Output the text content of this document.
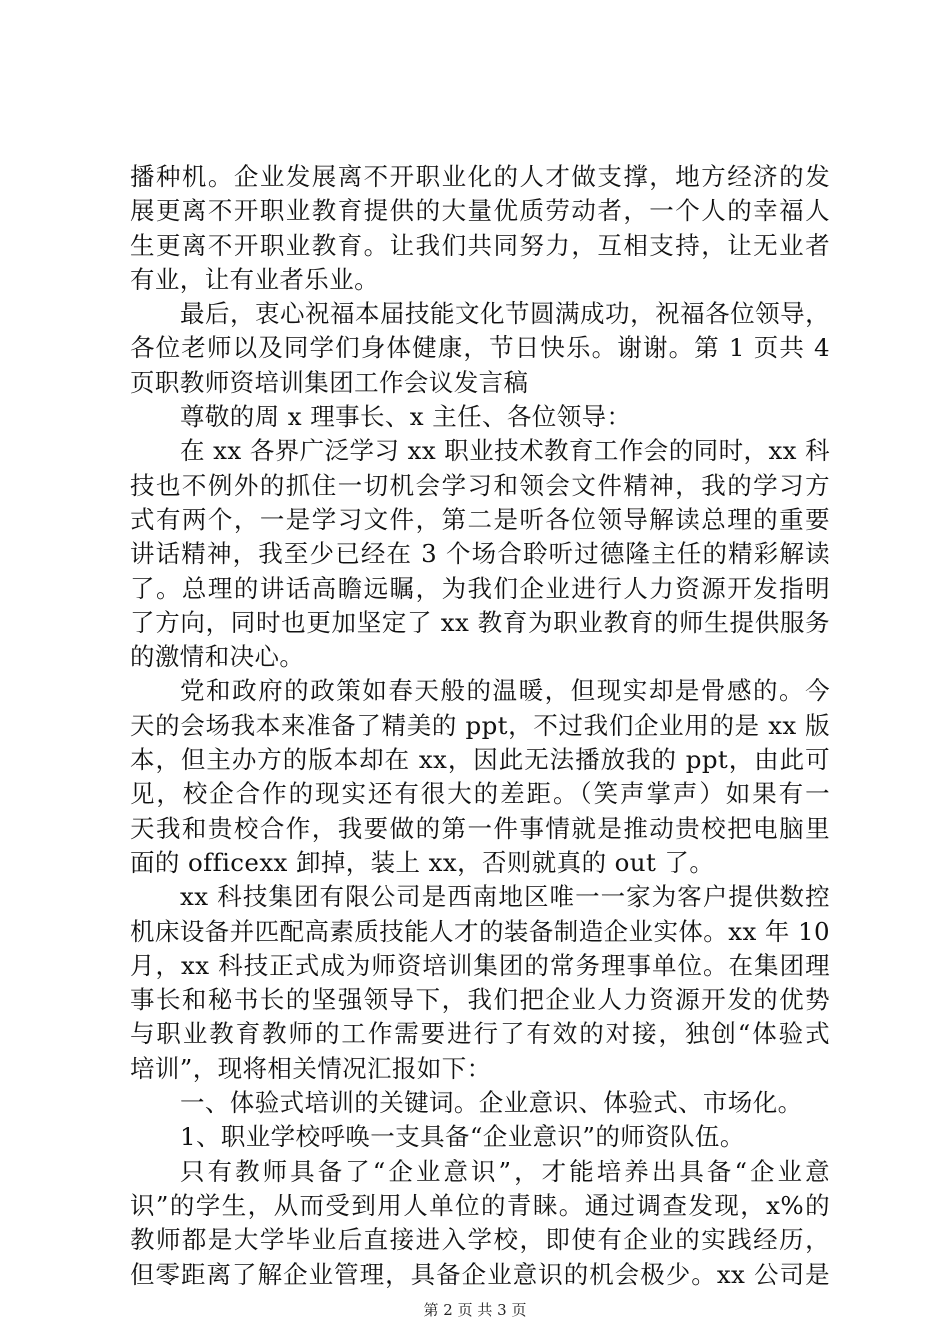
播种机。企业发展离不开职业化的人才做支撑，地方经济的发
展更离不开职业教育提供的大量优质劳动者，一个人的幸福人
生更离不开职业教育。让我们共同努力，互相支持，让无业者
有业，让有业者乐业。
最后，衷心祝福本届技能文化节圆满成功，祝福各位领导，
各位老师以及同学们身体健康，节日快乐。谢谢。第 1 页共 4
页职教师资培训集团工作会议发言稿
尊敬的周 x 理事长、x 主任、各位领导：
在 xx 各界广泛学习 xx 职业技术教育工作会的同时，xx 科
技也不例外的抓住一切机会学习和领会文件精神，我的学习方
式有两个，一是学习文件，第二是听各位领导解读总理的重要
讲话精神，我至少已经在 3 个场合聆听过德隆主任的精彩解读
了。总理的讲话高瞻远瞩，为我们企业进行人力资源开发指明
了方向，同时也更加坚定了 xx 教育为职业教育的师生提供服务
的激情和决心。
党和政府的政策如春天般的温暖，但现实却是骨感的。今
天的会场我本来准备了精美的 ppt，不过我们企业用的是 xx 版
本，但主办方的版本却在 xx，因此无法播放我的 ppt，由此可
见，校企合作的现实还有很大的差距。（笑声掌声）如果有一
天我和贵校合作，我要做的第一件事情就是推动贵校把电脑里
面的 officexx 卸掉，装上 xx，否则就真的 out 了。
xx 科技集团有限公司是西南地区唯一一家为客户提供数控
机床设备并匹配高素质技能人才的装备制造企业实体。xx 年 10
月，xx 科技正式成为师资培训集团的常务理事单位。在集团理
事长和秘书长的坚强领导下，我们把企业人力资源开发的优势
与职业教育教师的工作需要进行了有效的对接，独创“体验式
培训”，现将相关情况汇报如下：
一、体验式培训的关键词。企业意识、体验式、市场化。
1、职业学校呼唤一支具备“企业意识”的师资队伍。
只有教师具备了“企业意识”，才能培养出具备“企业意
识”的学生，从而受到用人单位的青睐。通过调查发现，x%的
教师都是大学毕业后直接进入学校，即使有企业的实践经历，
但零距离了解企业管理，具备企业意识的机会极少。xx 公司是
第 2 页 共 3 页
